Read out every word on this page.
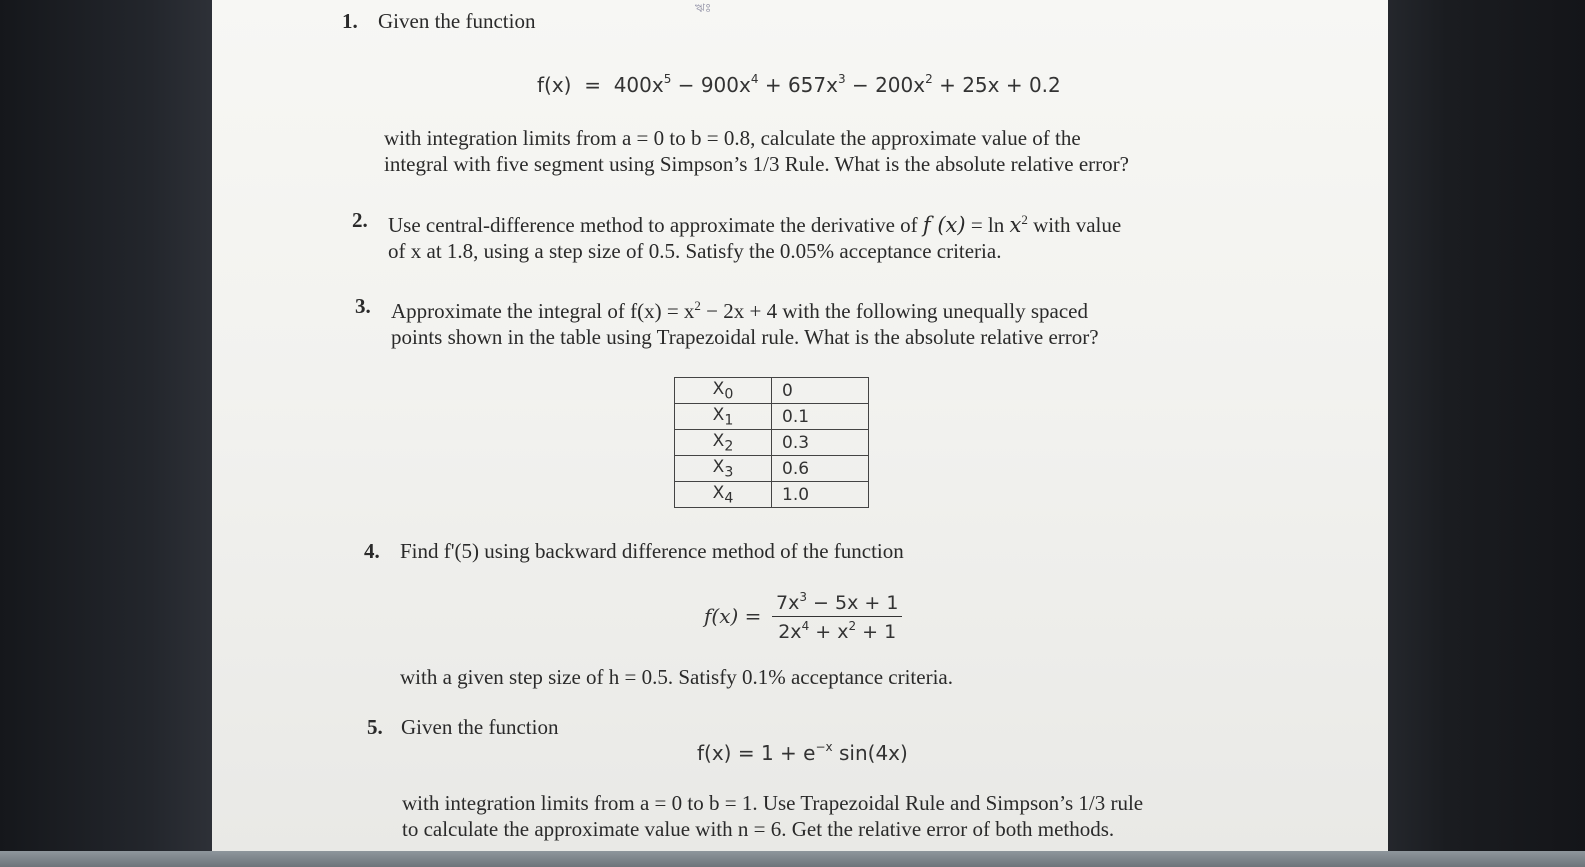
ঋঃ
1. Given the function
$f(x) = 400x^5 - 900x^4 + 657x^3 - 200x^2 + 25x + 0.2$
with integration limits from a = 0 to b = 0.8, calculate the approximate value of the
integral with five segment using Simpson’s 1/3 Rule. What is the absolute relative error?
2. Use central-difference method to approximate the derivative of f $(x) = \ln x^2$ with value
of x at 1.8, using a step size of 0.5. Satisfy the 0.05% acceptance criteria.
3. Approximate the integral of $f(x) = x^2 - 2x + 4$ with the following unequally spaced
points shown in the table using Trapezoidal rule. What is the absolute relative error?
$X_0$	0
$X_1$	0.1
$X_2$	0.3
$X_3$	0.6
$X_4$	1.0
4. Find f'(5) using backward difference method of the function
$f(x) = \frac{7x^3 - 5x + 1}{2x^4 + x^2 + 1}$
with a given step size of h = 0.5. Satisfy 0.1% acceptance criteria.
5. Given the function
$f(x) = 1 + e^{-x}$ sin(4x)
with integration limits from a = 0 to b = 1. Use Trapezoidal Rule and Simpson’s 1/3 rule
to calculate the approximate value with n = 6. Get the relative error of both methods.
